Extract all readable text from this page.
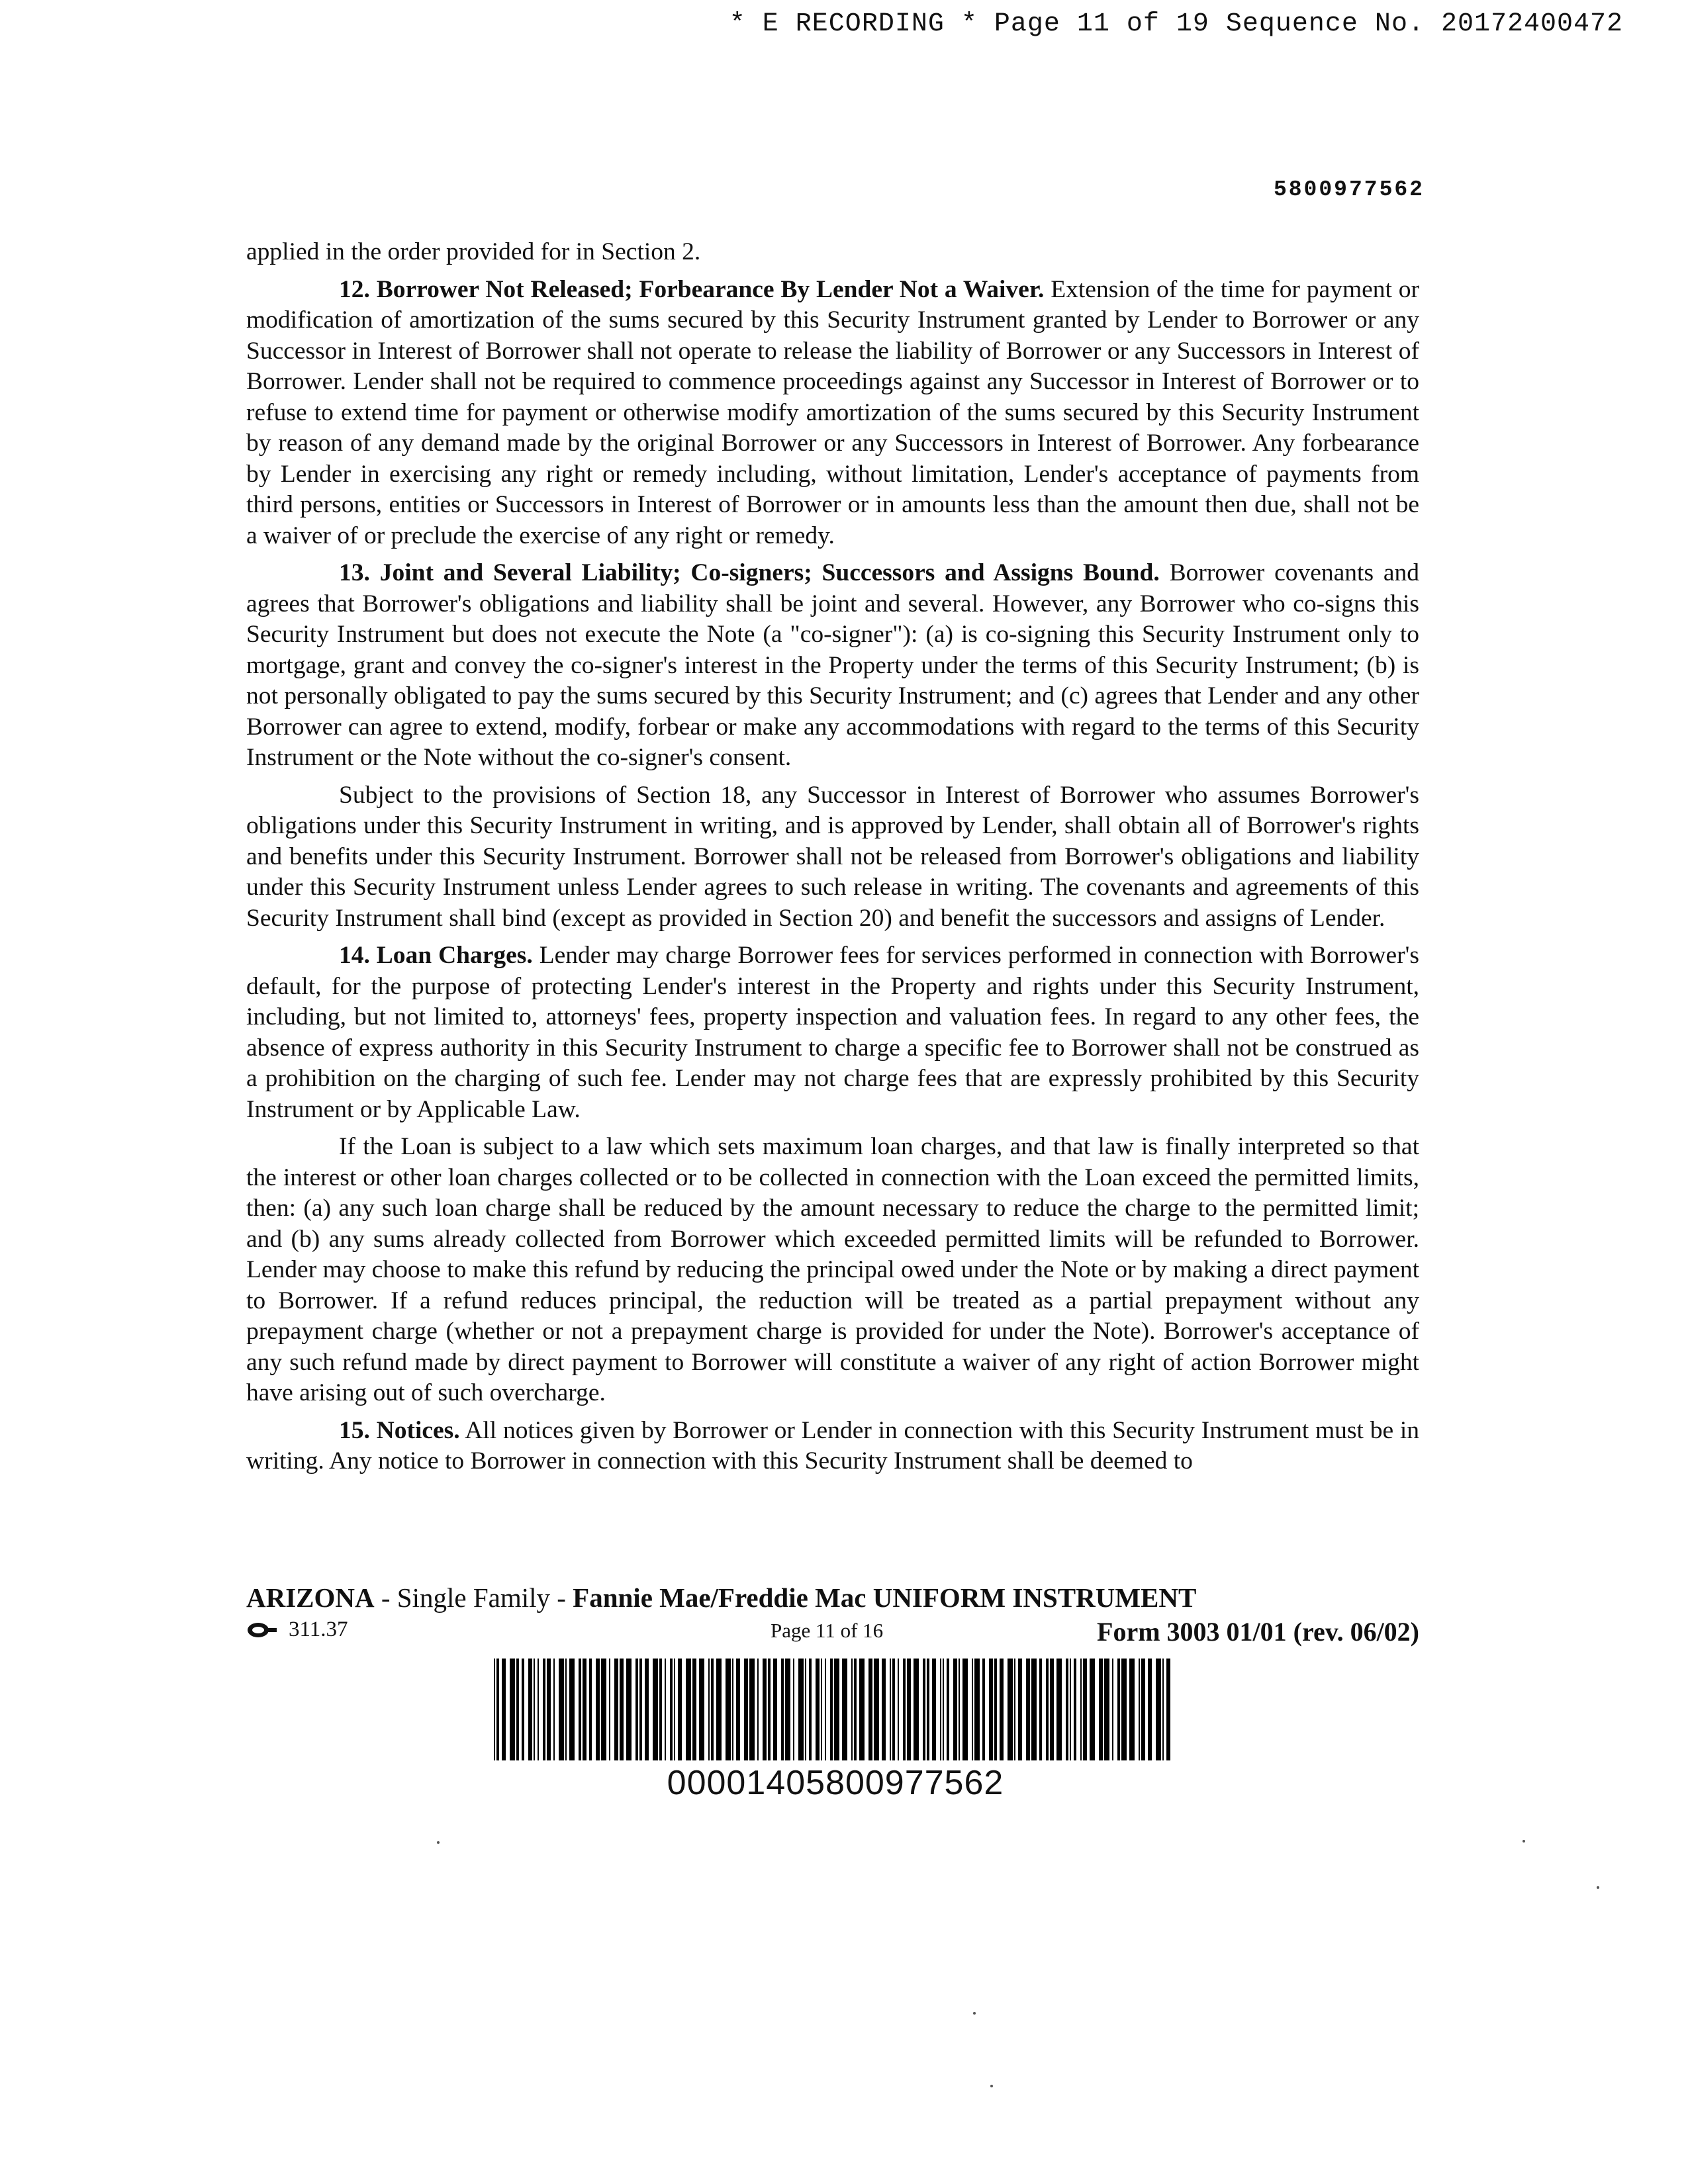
* E RECORDING * Page 11 of 19 Sequence No. 20172400472
5800977562

applied in the order provided for in Section 2.

12. Borrower Not Released; Forbearance By Lender Not a Waiver. Extension of the time for payment or modification of amortization of the sums secured by this Security Instrument granted by Lender to Borrower or any Successor in Interest of Borrower shall not operate to release the liability of Borrower or any Successors in Interest of Borrower. Lender shall not be required to commence proceedings against any Successor in Interest of Borrower or to refuse to extend time for payment or otherwise modify amortization of the sums secured by this Security Instrument by reason of any demand made by the original Borrower or any Successors in Interest of Borrower. Any forbearance by Lender in exercising any right or remedy including, without limitation, Lender's acceptance of payments from third persons, entities or Successors in Interest of Borrower or in amounts less than the amount then due, shall not be a waiver of or preclude the exercise of any right or remedy.

13. Joint and Several Liability; Co-signers; Successors and Assigns Bound. Borrower covenants and agrees that Borrower's obligations and liability shall be joint and several. However, any Borrower who co-signs this Security Instrument but does not execute the Note (a "co-signer"): (a) is co-signing this Security Instrument only to mortgage, grant and convey the co-signer's interest in the Property under the terms of this Security Instrument; (b) is not personally obligated to pay the sums secured by this Security Instrument; and (c) agrees that Lender and any other Borrower can agree to extend, modify, forbear or make any accommodations with regard to the terms of this Security Instrument or the Note without the co-signer's consent.

Subject to the provisions of Section 18, any Successor in Interest of Borrower who assumes Borrower's obligations under this Security Instrument in writing, and is approved by Lender, shall obtain all of Borrower's rights and benefits under this Security Instrument. Borrower shall not be released from Borrower's obligations and liability under this Security Instrument unless Lender agrees to such release in writing. The covenants and agreements of this Security Instrument shall bind (except as provided in Section 20) and benefit the successors and assigns of Lender.

14. Loan Charges. Lender may charge Borrower fees for services performed in connection with Borrower's default, for the purpose of protecting Lender's interest in the Property and rights under this Security Instrument, including, but not limited to, attorneys' fees, property inspection and valuation fees. In regard to any other fees, the absence of express authority in this Security Instrument to charge a specific fee to Borrower shall not be construed as a prohibition on the charging of such fee. Lender may not charge fees that are expressly prohibited by this Security Instrument or by Applicable Law.

If the Loan is subject to a law which sets maximum loan charges, and that law is finally interpreted so that the interest or other loan charges collected or to be collected in connection with the Loan exceed the permitted limits, then: (a) any such loan charge shall be reduced by the amount necessary to reduce the charge to the permitted limit; and (b) any sums already collected from Borrower which exceeded permitted limits will be refunded to Borrower. Lender may choose to make this refund by reducing the principal owed under the Note or by making a direct payment to Borrower. If a refund reduces principal, the reduction will be treated as a partial prepayment without any prepayment charge (whether or not a prepayment charge is provided for under the Note). Borrower's acceptance of any such refund made by direct payment to Borrower will constitute a waiver of any right of action Borrower might have arising out of such overcharge.

15. Notices. All notices given by Borrower or Lender in connection with this Security Instrument must be in writing. Any notice to Borrower in connection with this Security Instrument shall be deemed to

ARIZONA - Single Family - Fannie Mae/Freddie Mac UNIFORM INSTRUMENT
311.37	Page 11 of 16	Form 3003 01/01 (rev. 06/02)
00001405800977562
